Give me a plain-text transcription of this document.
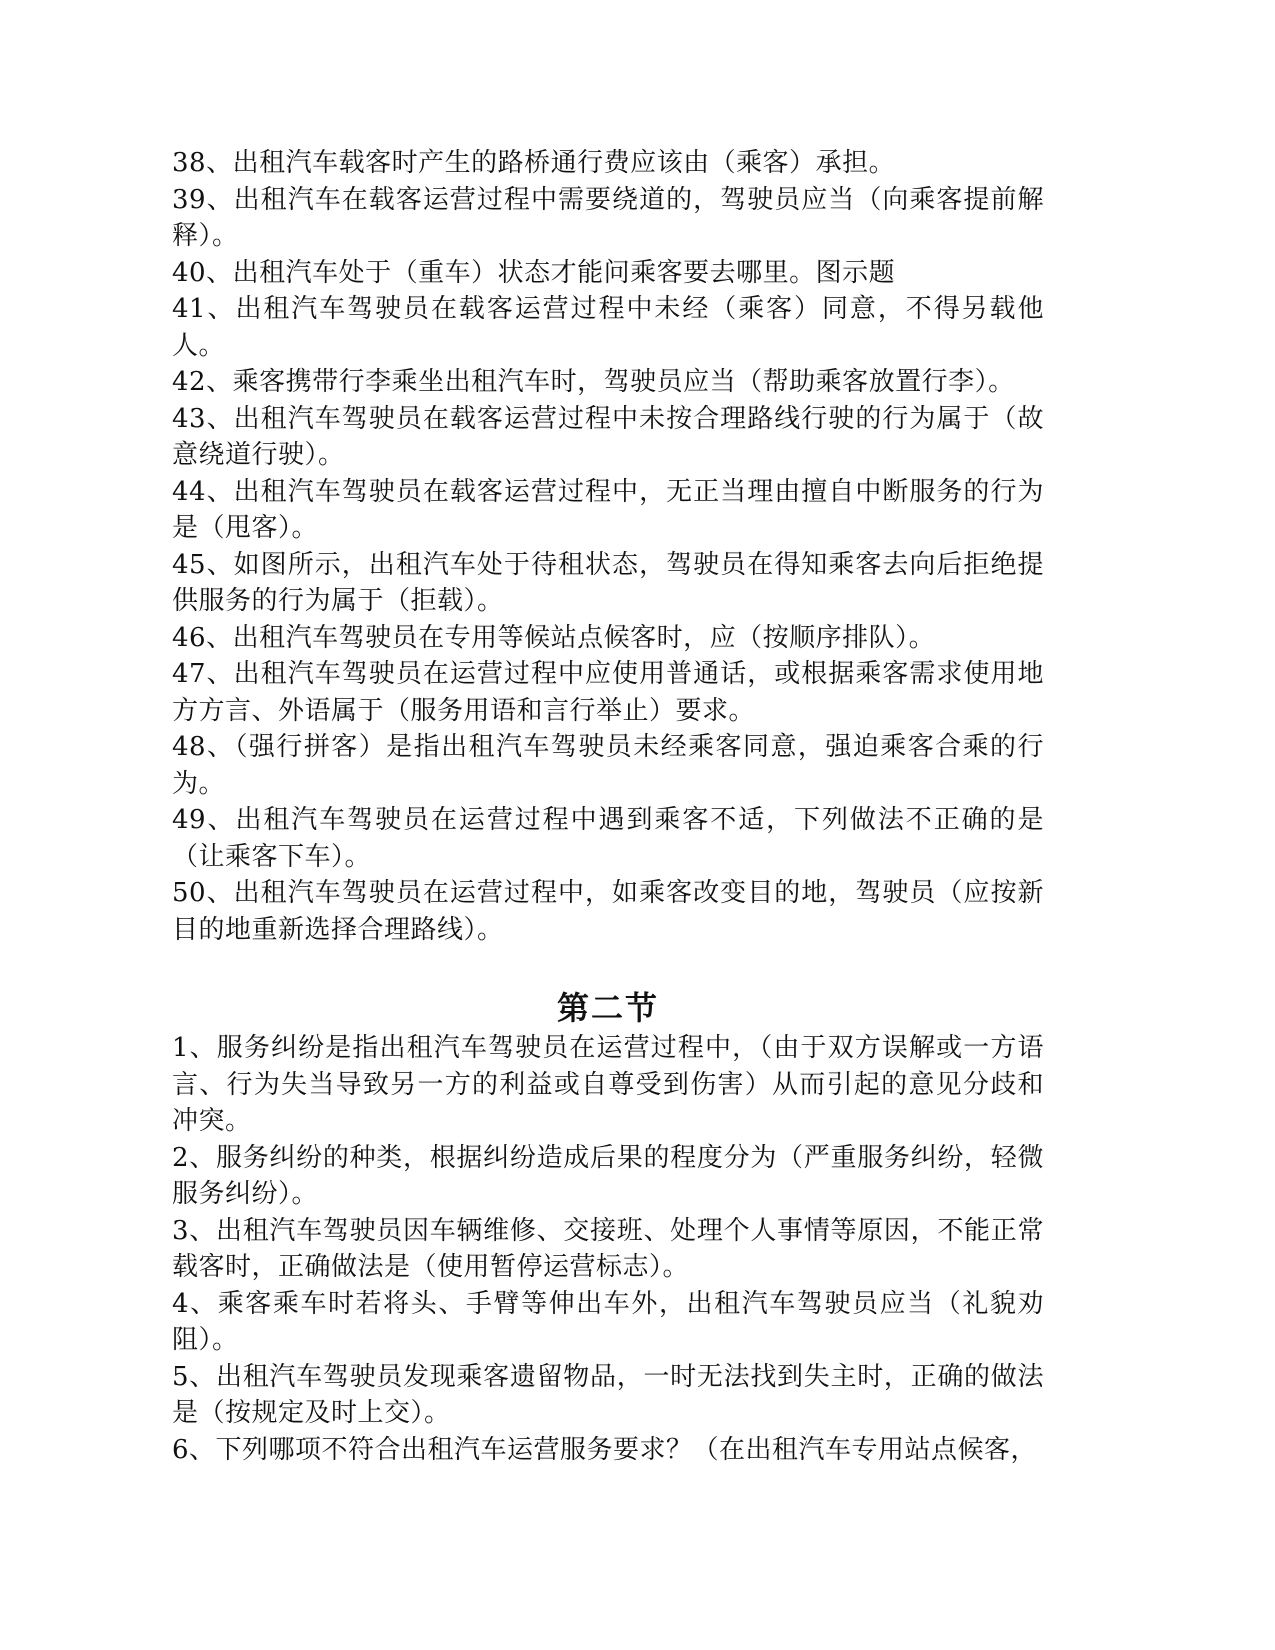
38、出租汽车载客时产生的路桥通行费应该由（乘客）承担。

39、出租汽车在载客运营过程中需要绕道的，驾驶员应当（向乘客提前解释）。

40、出租汽车处于（重车）状态才能问乘客要去哪里。图示题

41、出租汽车驾驶员在载客运营过程中未经（乘客）同意，不得另载他人。

42、乘客携带行李乘坐出租汽车时，驾驶员应当（帮助乘客放置行李）。

43、出租汽车驾驶员在载客运营过程中未按合理路线行驶的行为属于（故意绕道行驶）。

44、出租汽车驾驶员在载客运营过程中，无正当理由擅自中断服务的行为是（甩客）。

45、如图所示，出租汽车处于待租状态，驾驶员在得知乘客去向后拒绝提供服务的行为属于（拒载）。

46、出租汽车驾驶员在专用等候站点候客时，应（按顺序排队）。

47、出租汽车驾驶员在运营过程中应使用普通话，或根据乘客需求使用地方方言、外语属于（服务用语和言行举止）要求。

48、（强行拼客）是指出租汽车驾驶员未经乘客同意，强迫乘客合乘的行为。

49、出租汽车驾驶员在运营过程中遇到乘客不适，下列做法不正确的是（让乘客下车）。

50、出租汽车驾驶员在运营过程中，如乘客改变目的地，驾驶员（应按新目的地重新选择合理路线）。

第二节

1、服务纠纷是指出租汽车驾驶员在运营过程中，（由于双方误解或一方语言、行为失当导致另一方的利益或自尊受到伤害）从而引起的意见分歧和冲突。

2、服务纠纷的种类，根据纠纷造成后果的程度分为（严重服务纠纷，轻微服务纠纷）。

3、出租汽车驾驶员因车辆维修、交接班、处理个人事情等原因，不能正常载客时，正确做法是（使用暂停运营标志）。

4、乘客乘车时若将头、手臂等伸出车外，出租汽车驾驶员应当（礼貌劝阻）。

5、出租汽车驾驶员发现乘客遗留物品，一时无法找到失主时，正确的做法是（按规定及时上交）。

6、下列哪项不符合出租汽车运营服务要求？（在出租汽车专用站点候客，
